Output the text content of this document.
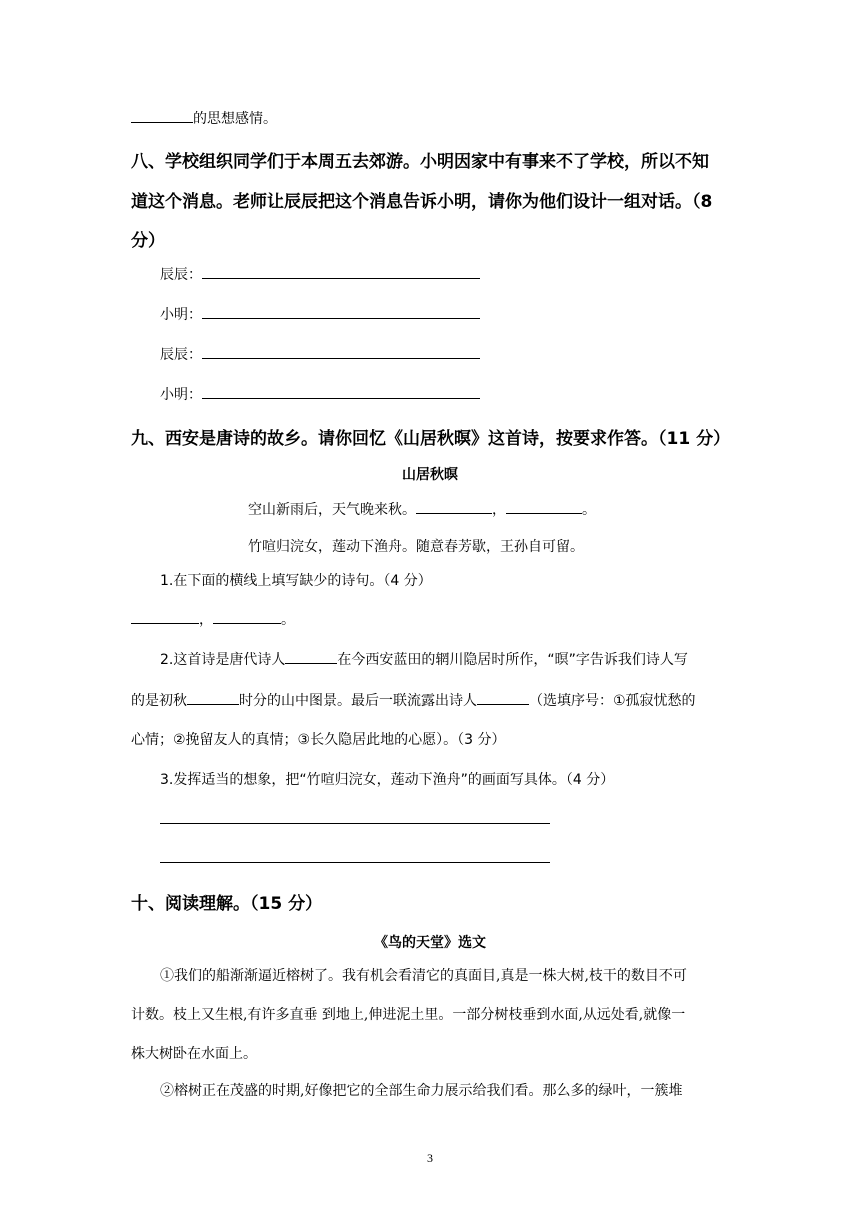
的思想感情。
八、学校组织同学们于本周五去郊游。小明因家中有事来不了学校，所以不知
道这个消息。老师让辰辰把这个消息告诉小明，请你为他们设计一组对话。（8
分）
辰辰：
小明：
辰辰：
小明：
九、西安是唐诗的故乡。请你回忆《山居秋暝》这首诗，按要求作答。（11 分）
山居秋暝
空山新雨后，天气晚来秋。	，	。
竹喧归浣女，莲动下渔舟。随意春芳歇，王孙自可留。
1.在下面的横线上填写缺少的诗句。（4 分）
，	。
2.这首诗是唐代诗人	在今西安蓝田的辋川隐居时所作，“暝”字告诉我们诗人写
的是初秋	时分的山中图景。最后一联流露出诗人	（选填序号：①孤寂忧愁的
心情；②挽留友人的真情；③长久隐居此地的心愿）。（3 分）
3.发挥适当的想象，把“竹喧归浣女，莲动下渔舟”的画面写具体。（4 分）
十、阅读理解。（15 分）
《鸟的天堂》选文
①我们的船渐渐逼近榕树了。我有机会看清它的真面目,真是一株大树,枝干的数目不可
计数。枝上又生根,有许多直垂 到地上,伸进泥土里。一部分树枝垂到水面,从远处看,就像一
株大树卧在水面上。
②榕树正在茂盛的时期,好像把它的全部生命力展示给我们看。那么多的绿叶，一簇堆
3
